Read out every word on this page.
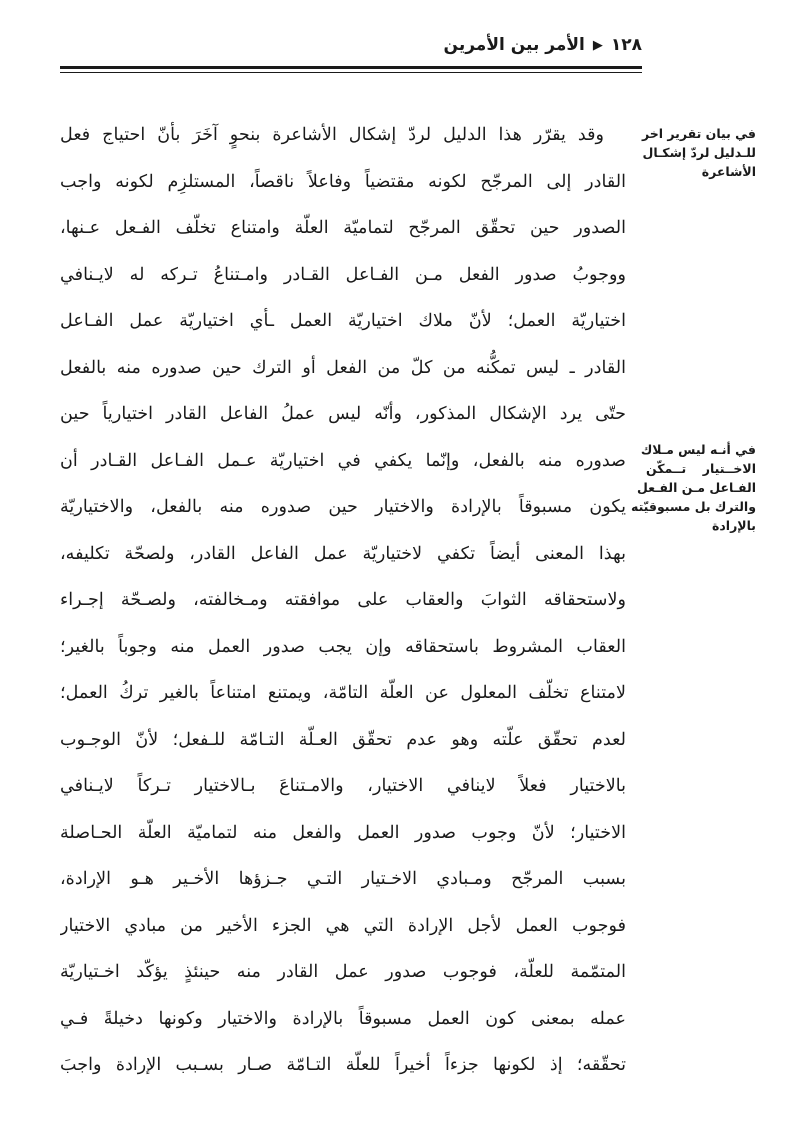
١٢٨
▶
الأمر بين الأمرين
في بيان تقرير اخر
للـدليل لردّ إشكـال
الأشاعرة
في أنـه ليس مـلاك
الاخــتيار تــمكّن
الفـاعل مـن الفـعل
والترك بل مسبوقيّته
بالإرادة
وقد يقرّر هذا الدليل لردّ إشكال الأشاعرة بنحوٍ آخَرَ بأنّ احتياج فعل
القادر إلى المرجّح لكونه مقتضياً وفاعلاً ناقصاً، المستلزِم لكونه واجب
الصدور حين تحقّق المرجّح لتماميّة العلّة وامتناع تخلّف الفـعل عـنها،
ووجوبُ صدور الفعل مـن الفـاعل القـادر وامـتناعُ تـركه له لايـنافي
اختياريّة العمل؛ لأنّ ملاك اختياريّة العمل ـأي اختياريّة عمل الفـاعل
القادر ـ ليس تمكُّنه من كلّ من الفعل أو الترك حين صدوره منه بالفعل
حتّى يرد الإشكال المذكور، وأنّه ليس عملُ الفاعل القادر اختيارياً حين
صدوره منه بالفعل، وإنّما يكفي في اختياريّة عـمل الفـاعل القـادر أن
يكون مسبوقاً بالإرادة والاختيار حين صدوره منه بالفعل، والاختياريّة
بهذا المعنى أيضاً تكفي لاختياريّة عمل الفاعل القادر، ولصحّة تكليفه،
ولاستحقاقه الثوابَ والعقاب على موافقته ومـخالفته، ولصـحّة إجـراء
العقاب المشروط باستحقاقه وإن يجب صدور العمل منه وجوباً بالغير؛
لامتناع تخلّف المعلول عن العلّة التامّة، ويمتنع امتناعاً بالغير تركُ العمل؛
لعدم تحقّق علّته وهو عدم تحقّق العـلّة التـامّة للـفعل؛ لأنّ الوجـوب
بالاختيار فعلاً لاينافي الاختيار، والامـتناعَ بـالاختيار تـركاً لايـنافي
الاختيار؛ لأنّ وجوب صدور العمل والفعل منه لتماميّة العلّة الحـاصلة
بسبب المرجّح ومـبادي الاخـتيار التـي جـزؤها الأخـير هـو الإرادة،
فوجوب العمل لأجل الإرادة التي هي الجزء الأخير من مبادي الاختيار
المتمّمة للعلّة، فوجوب صدور عمل القادر منه حينئذٍ يؤكّد اخـتياريّة
عمله بمعنى كون العمل مسبوقاً بالإرادة والاختيار وكونها دخيلةً فـي
تحقّقه؛ إذ لكونها جزءاً أخيراً للعلّة التـامّة صـار بسـبب الإرادة واجبَ
